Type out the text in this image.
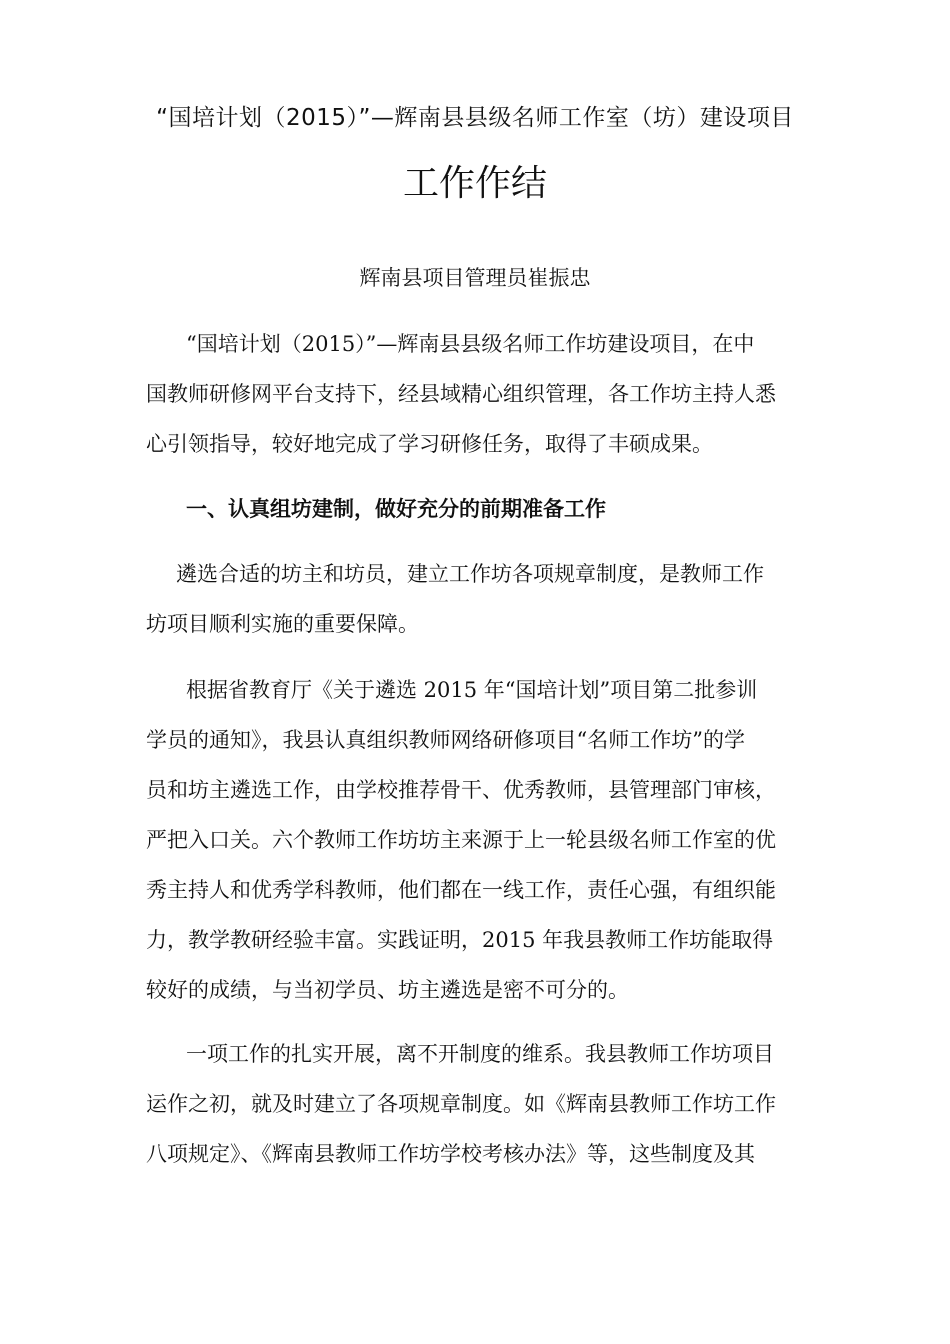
“国培计划（2015）”—辉南县县级名师工作室（坊）建设项目
工作作结
辉南县项目管理员崔振忠
“国培计划（2015）”—辉南县县级名师工作坊建设项目，在中
国教师研修网平台支持下，经县域精心组织管理，各工作坊主持人悉
心引领指导，较好地完成了学习研修任务，取得了丰硕成果。
一、认真组坊建制，做好充分的前期准备工作
遴选合适的坊主和坊员，建立工作坊各项规章制度，是教师工作
坊项目顺利实施的重要保障。
根据省教育厅《关于遴选 2015 年“国培计划”项目第二批参训
学员的通知》，我县认真组织教师网络研修项目“名师工作坊”的学
员和坊主遴选工作，由学校推荐骨干、优秀教师，县管理部门审核，
严把入口关。六个教师工作坊坊主来源于上一轮县级名师工作室的优
秀主持人和优秀学科教师，他们都在一线工作，责任心强，有组织能
力，教学教研经验丰富。实践证明，2015 年我县教师工作坊能取得
较好的成绩，与当初学员、坊主遴选是密不可分的。
一项工作的扎实开展，离不开制度的维系。我县教师工作坊项目
运作之初，就及时建立了各项规章制度。如《辉南县教师工作坊工作
八项规定》、《辉南县教师工作坊学校考核办法》等，这些制度及其
